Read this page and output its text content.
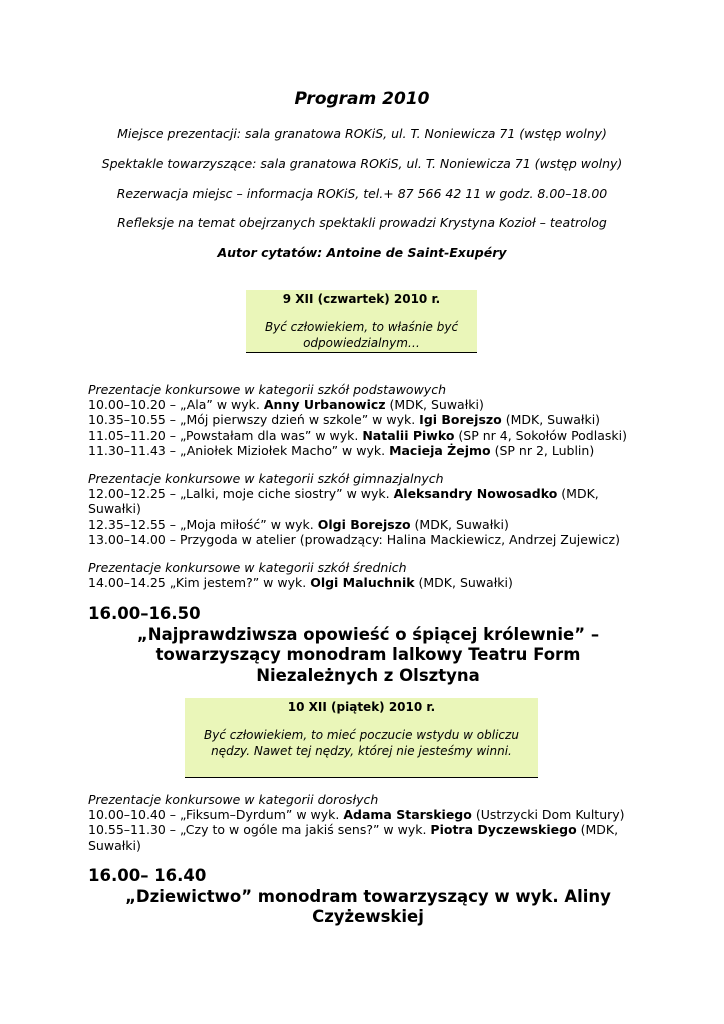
Program 2010
Miejsce prezentacji: sala granatowa ROKiS, ul. T. Noniewicza 71 (wstęp wolny)
Spektakle towarzyszące: sala granatowa ROKiS, ul. T. Noniewicza 71 (wstęp wolny)
Rezerwacja miejsc – informacja ROKiS, tel.+ 87 566 42 11 w godz. 8.00–18.00
Refleksje na temat obejrzanych spektakli prowadzi Krystyna Kozioł – teatrolog
Autor cytatów: Antoine de Saint-Exupéry
9 XII (czwartek) 2010 r.
Być człowiekiem, to właśnie być
odpowiedzialnym…
Prezentacje konkursowe w kategorii szkół podstawowych
10.00–10.20 – „Ala” w wyk. Anny Urbanowicz (MDK, Suwałki)
10.35–10.55 – „Mój pierwszy dzień w szkole” w wyk. Igi Borejszo (MDK, Suwałki)
11.05–11.20 – „Powstałam dla was” w wyk. Natalii Piwko (SP nr 4, Sokołów Podlaski)
11.30–11.43 – „Aniołek Miziołek Macho” w wyk. Macieja Żejmo (SP nr 2, Lublin)
Prezentacje konkursowe w kategorii szkół gimnazjalnych
12.00–12.25 – „Lalki, moje ciche siostry” w wyk. Aleksandry Nowosadko (MDK, Suwałki)
12.35–12.55 – „Moja miłość” w wyk. Olgi Borejszo (MDK, Suwałki)
13.00–14.00 – Przygoda w atelier (prowadzący: Halina Mackiewicz, Andrzej Zujewicz)
Prezentacje konkursowe w kategorii szkół średnich
14.00–14.25 „Kim jestem?” w wyk. Olgi Maluchnik (MDK, Suwałki)
16.00–16.50
„Najprawdziwsza opowieść o śpiącej królewnie” –
towarzyszący monodram lalkowy Teatru Form
Niezależnych z Olsztyna
10 XII (piątek) 2010 r.
Być człowiekiem, to mieć poczucie wstydu w obliczu
nędzy. Nawet tej nędzy, której nie jesteśmy winni.
Prezentacje konkursowe w kategorii dorosłych
10.00–10.40 – „Fiksum–Dyrdum” w wyk. Adama Starskiego (Ustrzycki Dom Kultury)
10.55–11.30 – „Czy to w ogóle ma jakiś sens?” w wyk. Piotra Dyczewskiego (MDK, Suwałki)
16.00– 16.40
„Dziewictwo” monodram towarzyszący w wyk. Aliny
Czyżewskiej
